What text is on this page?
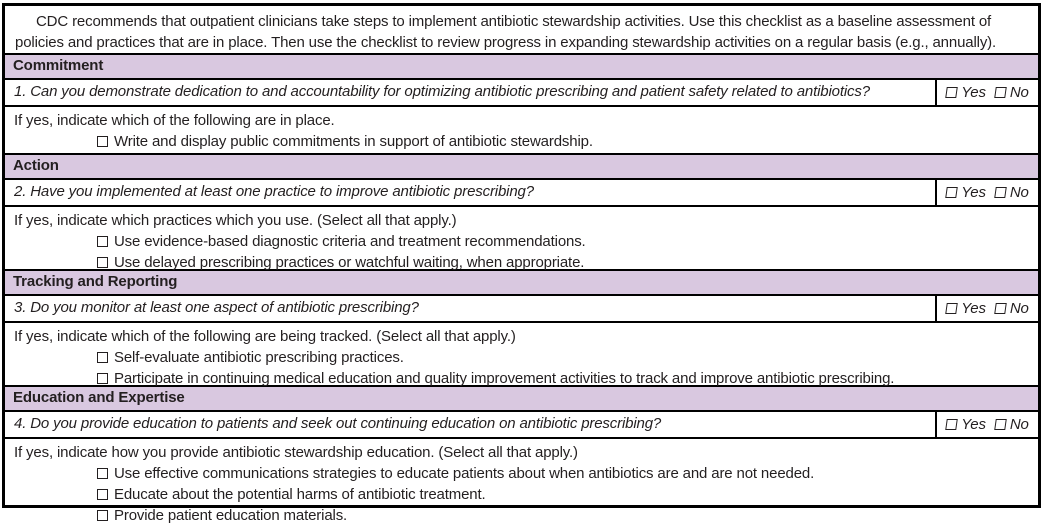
CDC recommends that outpatient clinicians take steps to implement antibiotic stewardship activities. Use this checklist as a baseline assessment of policies and practices that are in place. Then use the checklist to review progress in expanding stewardship activities on a regular basis (e.g., annually).

Commitment
1. Can you demonstrate dedication to and accountability for optimizing antibiotic prescribing and patient safety related to antibiotics?	Yes No
If yes, indicate which of the following are in place.
Write and display public commitments in support of antibiotic stewardship.
Action
2. Have you implemented at least one practice to improve antibiotic prescribing?	Yes No
If yes, indicate which practices which you use. (Select all that apply.)
Use evidence-based diagnostic criteria and treatment recommendations.
Use delayed prescribing practices or watchful waiting, when appropriate.
Tracking and Reporting
3. Do you monitor at least one aspect of antibiotic prescribing?	Yes No
If yes, indicate which of the following are being tracked. (Select all that apply.)
Self-evaluate antibiotic prescribing practices.
Participate in continuing medical education and quality improvement activities to track and improve antibiotic prescribing.
Education and Expertise
4. Do you provide education to patients and seek out continuing education on antibiotic prescribing?	Yes No
If yes, indicate how you provide antibiotic stewardship education. (Select all that apply.)
Use effective communications strategies to educate patients about when antibiotics are and are not needed.
Educate about the potential harms of antibiotic treatment.
Provide patient education materials.
